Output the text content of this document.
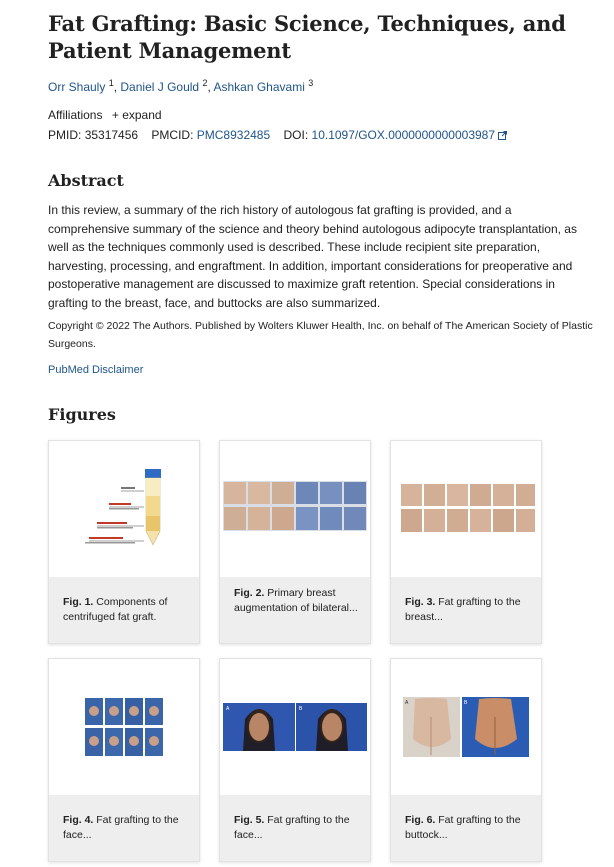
Fat Grafting: Basic Science, Techniques, and Patient Management
Orr Shauly $^1$, Daniel J Gould $^2$, Ashkan Ghavami $^3$
Affiliations + expand
PMID: 35317456 PMCID: PMC8932485 DOI: 10.1097/GOX.0000000000003987
Abstract
In this review, a summary of the rich history of autologous fat grafting is provided, and a comprehensive summary of the science and theory behind autologous adipocyte transplantation, as well as the techniques commonly used is described. These include recipient site preparation, harvesting, processing, and engraftment. In addition, important considerations for preoperative and postoperative management are discussed to maximize graft retention. Special considerations in grafting to the breast, face, and buttocks are also summarized.
Copyright © 2022 The Authors. Published by Wolters Kluwer Health, Inc. on behalf of The American Society of Plastic Surgeons.
PubMed Disclaimer
Figures
Fig. 1. Components of centrifuged fat graft.
Fig. 2. Primary breast augmentation of bilateral...	Fig. 3. Fat grafting to the breast...
Fig. 4. Fat grafting to the face...
A	B
Fig. 5. Fat grafting to the face...
A	B
Fig. 6. Fat grafting to the buttock...
